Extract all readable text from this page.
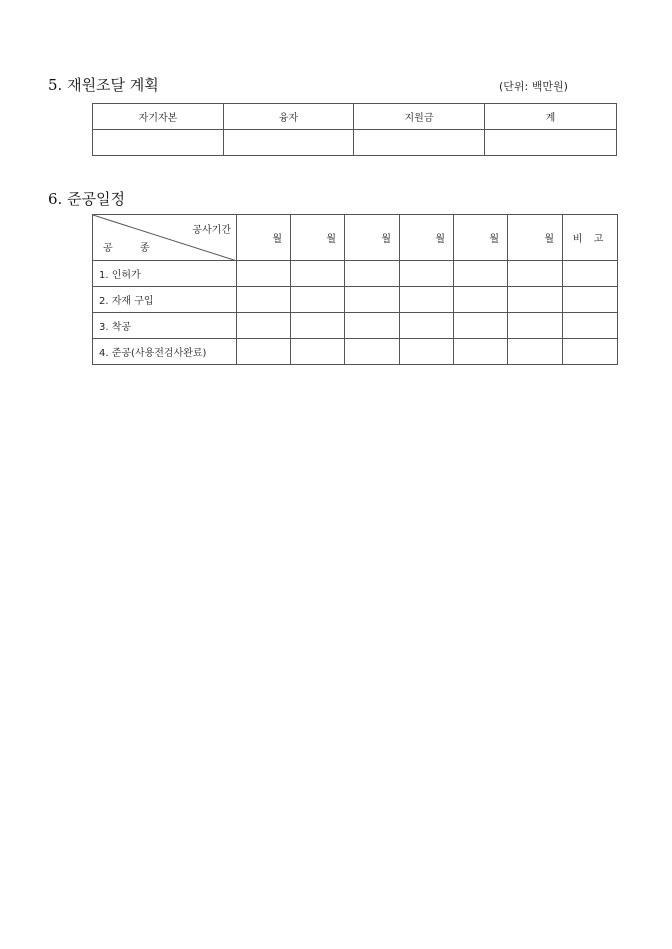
5. 재원조달 계획	(단위: 백만원)
자기자본	융자	지원금	계

6. 준공일정
공사기간
공 종	월	월	월	월	월	월	비 고
1. 인허가							
2. 자재 구입							
3. 착공							
4. 준공(사용전검사완료)							
